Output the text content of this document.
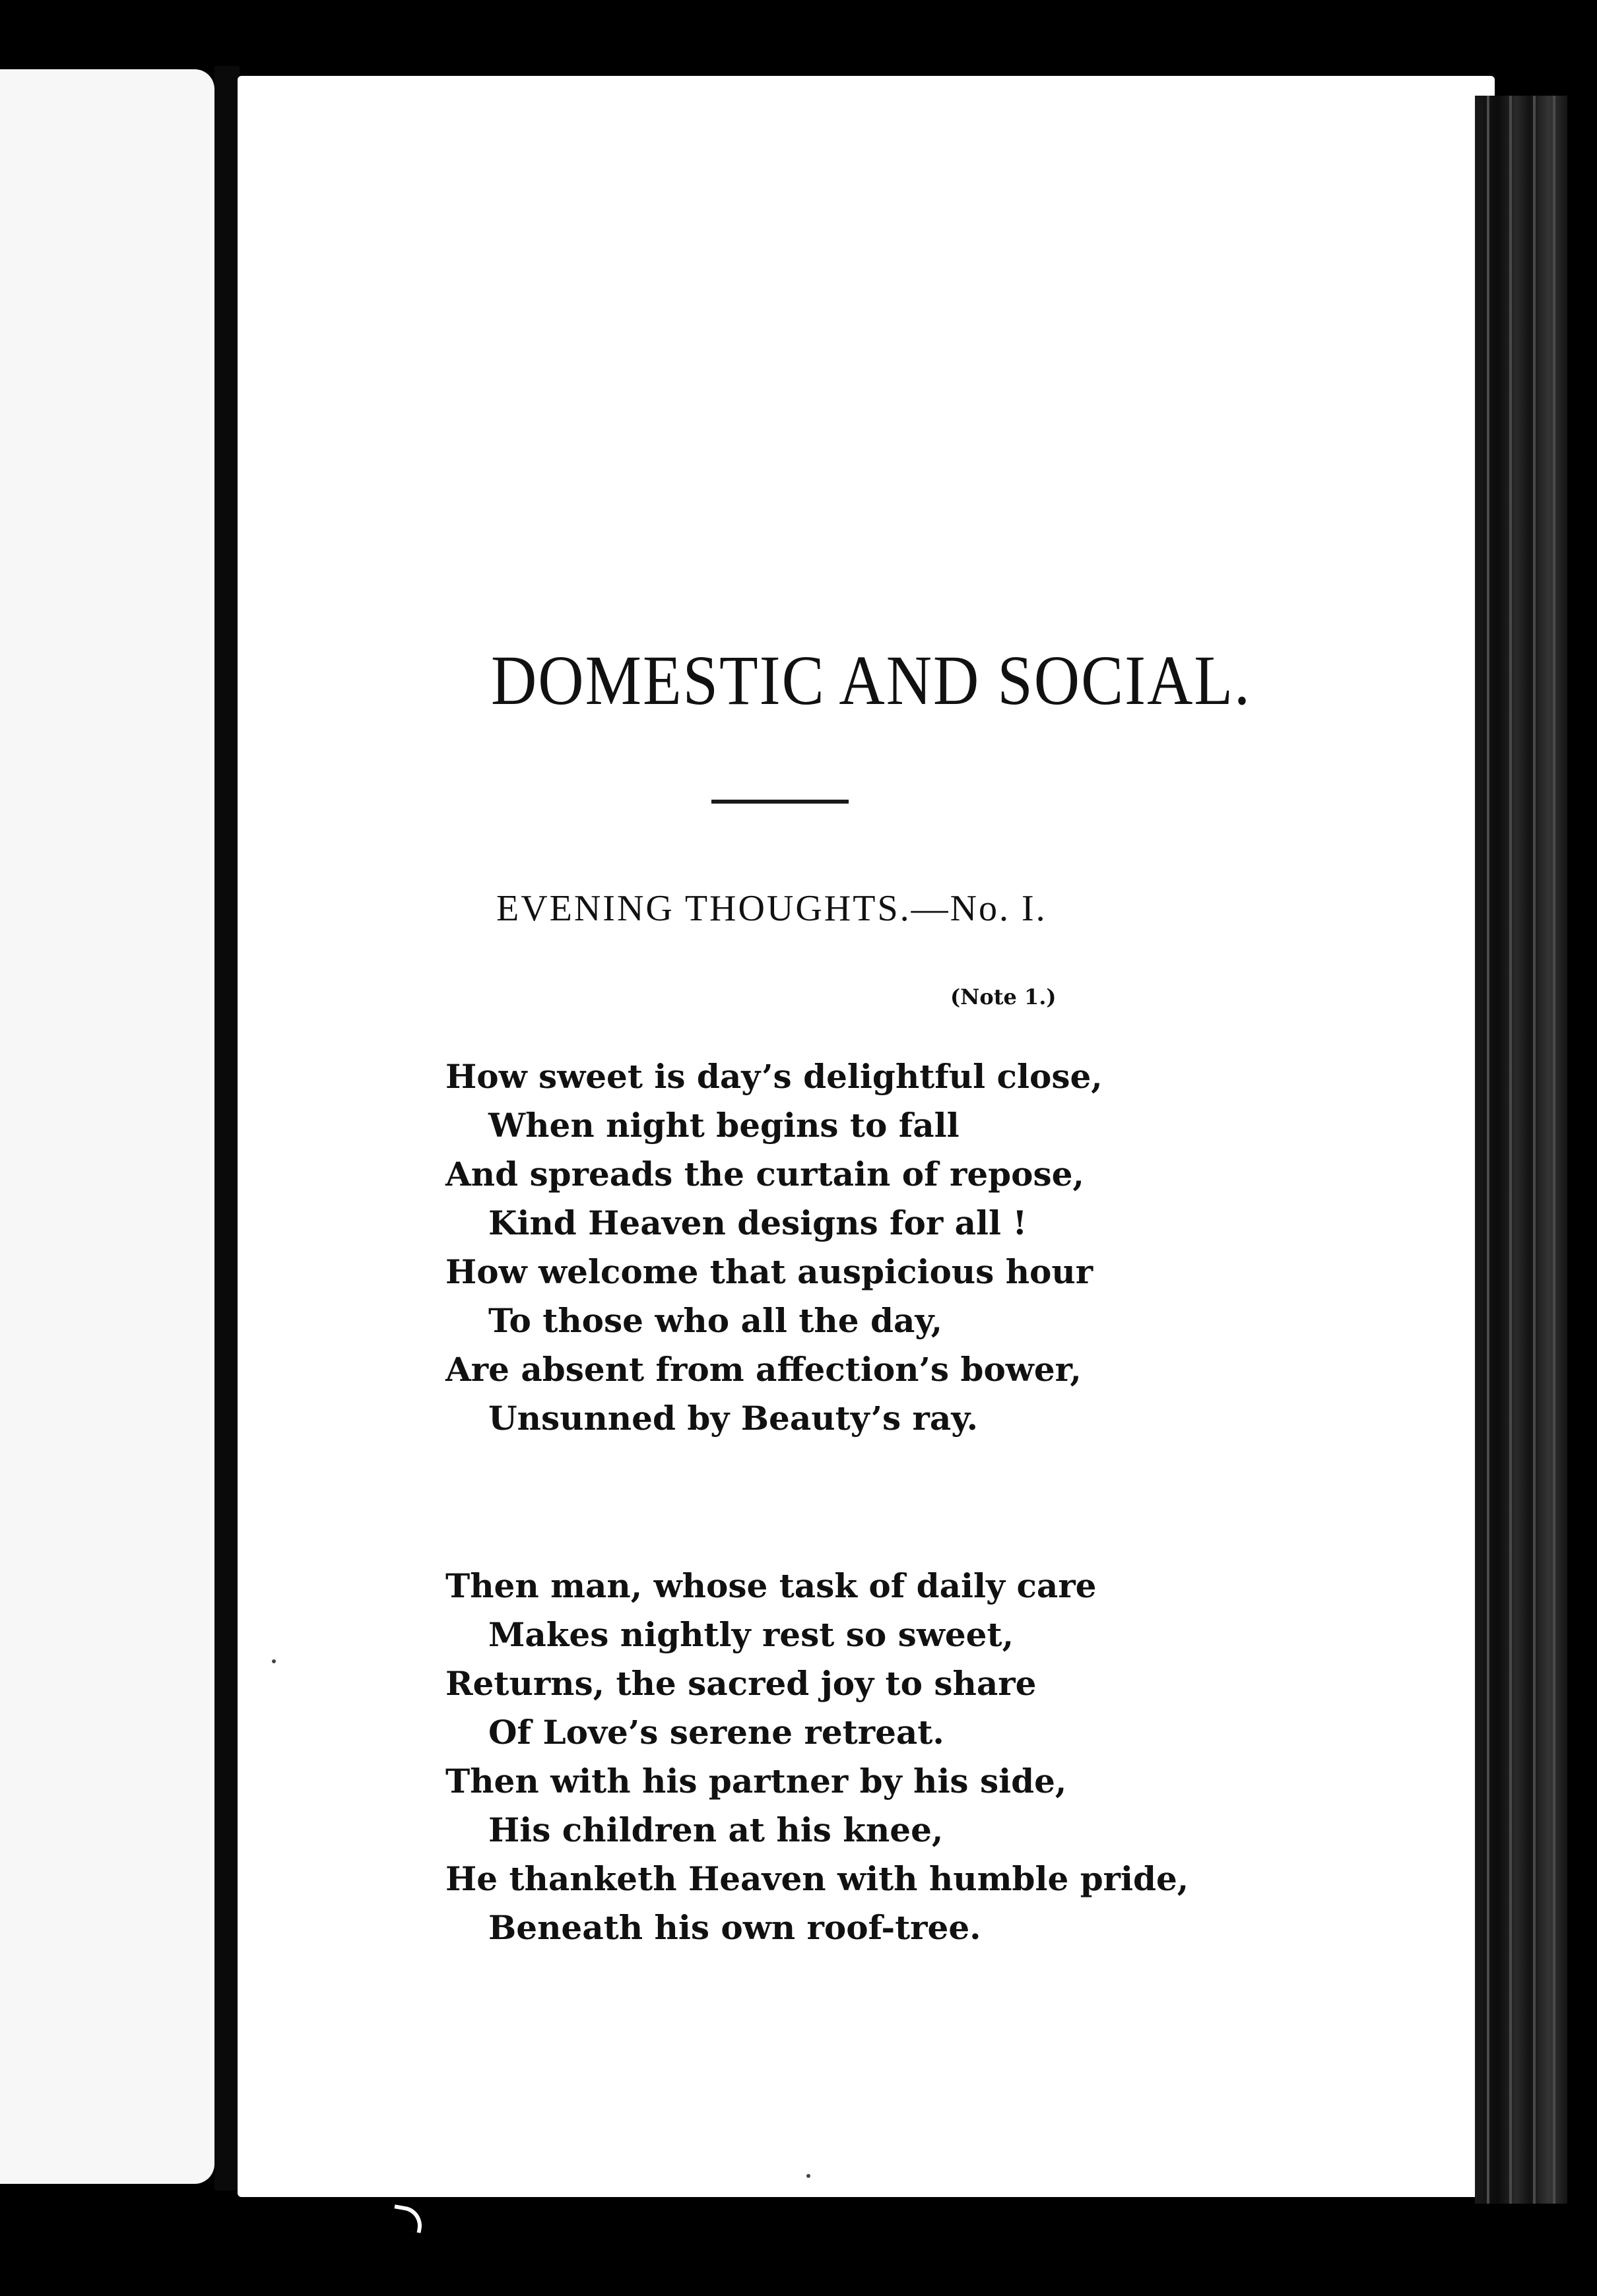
DOMESTIC AND SOCIAL.
EVENING THOUGHTS.—No. I.
(Note 1.)
How sweet is day’s delightful close,
When night begins to fall
And spreads the curtain of repose,
Kind Heaven designs for all !
How welcome that auspicious hour
To those who all the day,
Are absent from affection’s bower,
Unsunned by Beauty’s ray.
Then man, whose task of daily care
Makes nightly rest so sweet,
Returns, the sacred joy to share
Of Love’s serene retreat.
Then with his partner by his side,
His children at his knee,
He thanketh Heaven with humble pride,
Beneath his own roof-tree.
